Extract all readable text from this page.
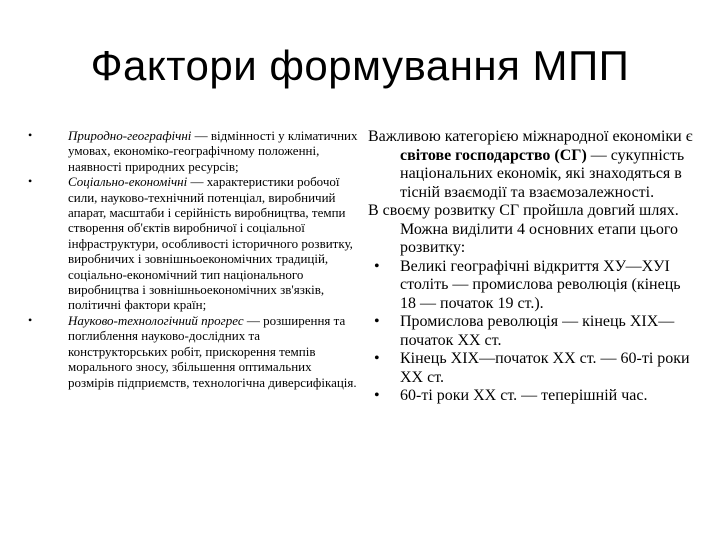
Фактори формування МПП
•	Природно-географічні — відмінності у кліматичних умовах, економіко-географічному положенні, наявності природних ресурсів;
•	Соціально-економічні — характеристики робочої сили, науково-технічний потенціал, виробничий апарат, масштаби і серійність виробництва, темпи створення об'єктів виробничої і соціальної інфраструктури, особливості історичного розвитку, виробничих і зовнішньоекономічних традицій, соціально-економічний тип національного виробництва і зовнішньоекономічних зв'язків, політичні фактори країн;
•	Науково-технологічний прогрес — розширення та поглиблення науково-дослідних та конструкторських робіт, прискорення темпів морального зносу, збільшення оптимальних розмірів підприємств, технологічна диверсифікація.
Важливою категорією міжнародної економіки є світове господарство (СГ) — сукупність національних економік, які знаходяться в тісній взаємодії та взаємозалежності.
В своєму розвитку СГ пройшла довгий шлях. Можна виділити 4 основних етапи цього розвитку:
• Великі географічні відкриття ХУ—ХУІ століть — промислова революція (кінець 18 — початок 19 ст.).
• Промислова революція — кінець XIX—початок XX ст.
• Кінець XIX—початок XX ст. — 60-ті роки XX ст.
• 60-ті роки XX ст. — теперішній час.
